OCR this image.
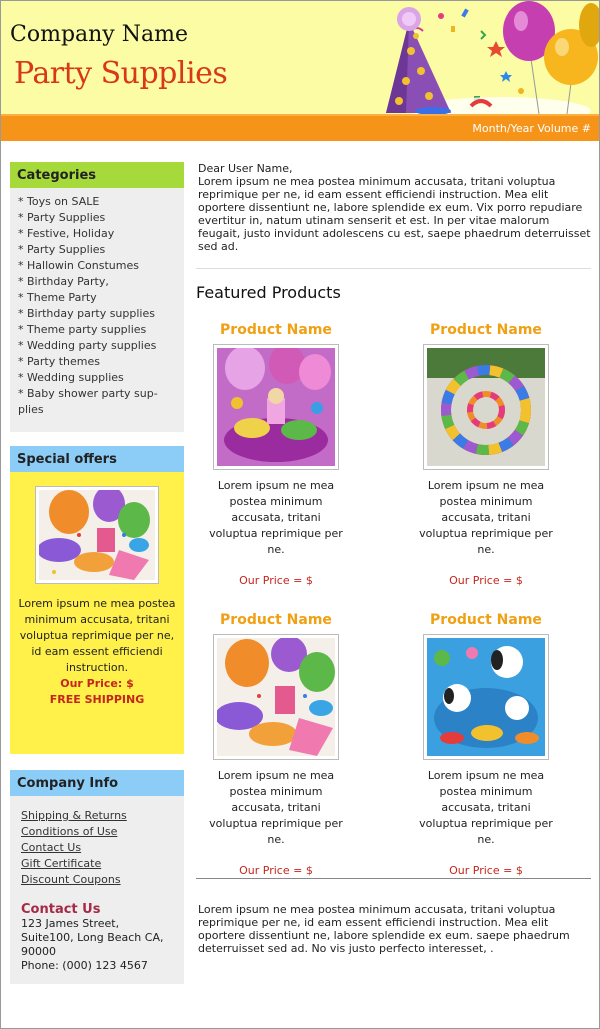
Company Name
Party Supplies
Month/Year Volume #
Categories
* Toys on SALE
* Party Supplies
* Festive, Holiday
* Party Supplies
* Hallowin Constumes
* Birthday Party,
* Theme Party
* Birthday party supplies
* Theme party supplies
* Wedding party supplies
* Party themes
* Wedding supplies
* Baby shower party sup-
plies
Special offers
Lorem ipsum ne mea postea minimum accusata, tritani voluptua reprimique per ne, id eam essent efficiendi instruction.
Our Price: $
FREE SHIPPING
Company Info
Shipping & Returns
Conditions of Use
Contact Us
Gift Certificate
Discount Coupons
Contact Us
123 James Street,
Suite100, Long Beach CA,
90000
Phone: (000) 123 4567
Dear User Name,
Lorem ipsum ne mea postea minimum accusata, tritani voluptua reprimique per ne, id eam essent efficiendi instruction. Mea elit oportere dissentiunt ne, labore splendide ex eum. Vix porro repudiare evertitur in, natum utinam senserit et est. In per vitae malorum feugait, justo invidunt adolescens cu est, saepe phaedrum deterruisset sed ad.
Featured Products
Product Name
Lorem ipsum ne mea postea minimum accusata, tritani voluptua reprimique per ne.
Our Price = $
Product Name
Lorem ipsum ne mea postea minimum accusata, tritani voluptua reprimique per ne.
Our Price = $
Product Name
Lorem ipsum ne mea postea minimum accusata, tritani voluptua reprimique per ne.
Our Price = $
Product Name
Lorem ipsum ne mea postea minimum accusata, tritani voluptua reprimique per ne.
Our Price = $
Lorem ipsum ne mea postea minimum accusata, tritani voluptua reprimique per ne, id eam essent efficiendi instruction. Mea elit oportere dissentiunt ne, labore splendide ex eum. saepe phaedrum deterruisset sed ad. No vis justo perfecto interesset, .
